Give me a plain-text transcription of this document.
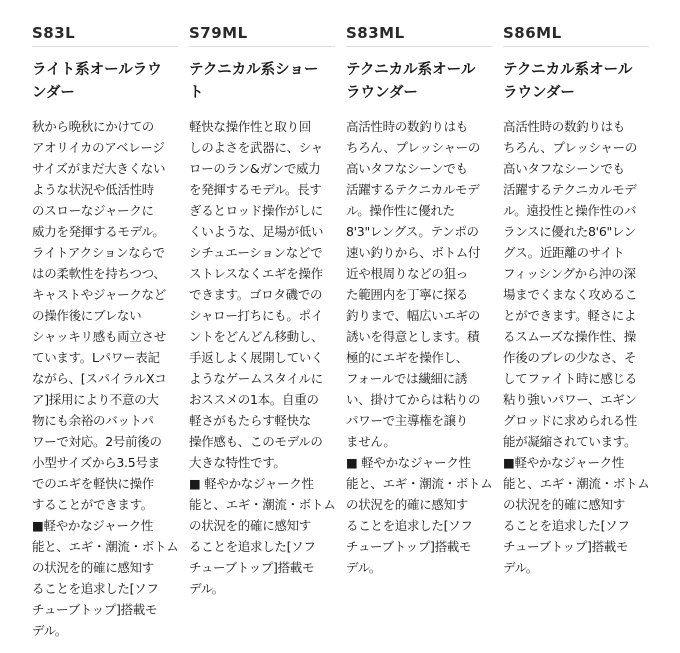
S83L
ライト系オールラウ
ンダー
秋から晩秋にかけての
アオリイカのアベレージ
サイズがまだ大きくない
ような状況や低活性時
のスローなジャークに
威力を発揮するモデル。
ライトアクションならで
はの柔軟性を持ちつつ、
キャストやジャークなど
の操作後にブレない
シャッキリ感も両立させ
ています。Lパワー表記
ながら、[スパイラルXコ
ア]採用により不意の大
物にも余裕のバットパ
ワーで対応。2号前後の
小型サイズから3.5号ま
でのエギを軽快に操作
することができます。
■軽やかなジャーク性
能と、エギ・潮流・ボトム
の状況を的確に感知す
ることを追求した[ソフ
チューブトップ]搭載モ
デル。
S79ML
テクニカル系ショー
ト
軽快な操作性と取り回
しのよさを武器に、シャ
ローのラン&ガンで威力
を発揮するモデル。長す
ぎるとロッド操作がしに
くいような、足場が低い
シチュエーションなどで
ストレスなくエギを操作
できます。ゴロタ磯での
シャロー打ちにも。ポイ
ントをどんどん移動し、
手返しよく展開していく
ようなゲームスタイルに
おススメの1本。自重の
軽さがもたらす軽快な
操作感も、このモデルの
大きな特性です。
■ 軽やかなジャーク性
能と、エギ・潮流・ボトム
の状況を的確に感知す
ることを追求した[ソフ
チューブトップ]搭載モ
デル。
S83ML
テクニカル系オール
ラウンダー
高活性時の数釣りはも
ちろん、プレッシャーの
高いタフなシーンでも
活躍するテクニカルモデ
ル。操作性に優れた
8'3"レングス。テンポの
速い釣りから、ボトム付
近や根周りなどの狙っ
た範囲内を丁寧に探る
釣りまで、幅広いエギの
誘いを得意とします。積
極的にエギを操作し、
フォールでは繊細に誘
い、掛けてからは粘りの
パワーで主導権を譲り
ません。
■ 軽やかなジャーク性
能と、エギ・潮流・ボトム
の状況を的確に感知す
ることを追求した[ソフ
チューブトップ]搭載モ
デル。
S86ML
テクニカル系オール
ラウンダー
高活性時の数釣りはも
ちろん、プレッシャーの
高いタフなシーンでも
活躍するテクニカルモデ
ル。遠投性と操作性のバ
ランスに優れた8'6"レン
グス。近距離のサイト
フィッシングから沖の深
場までくまなく攻めるこ
とができます。軽さによ
るスムーズな操作性、操
作後のブレの少なさ、そ
してファイト時に感じる
粘り強いパワー、エギン
グロッドに求められる性
能が凝縮されています。
■軽やかなジャーク性
能と、エギ・潮流・ボトム
の状況を的確に感知す
ることを追求した[ソフ
チューブトップ]搭載モ
デル。
